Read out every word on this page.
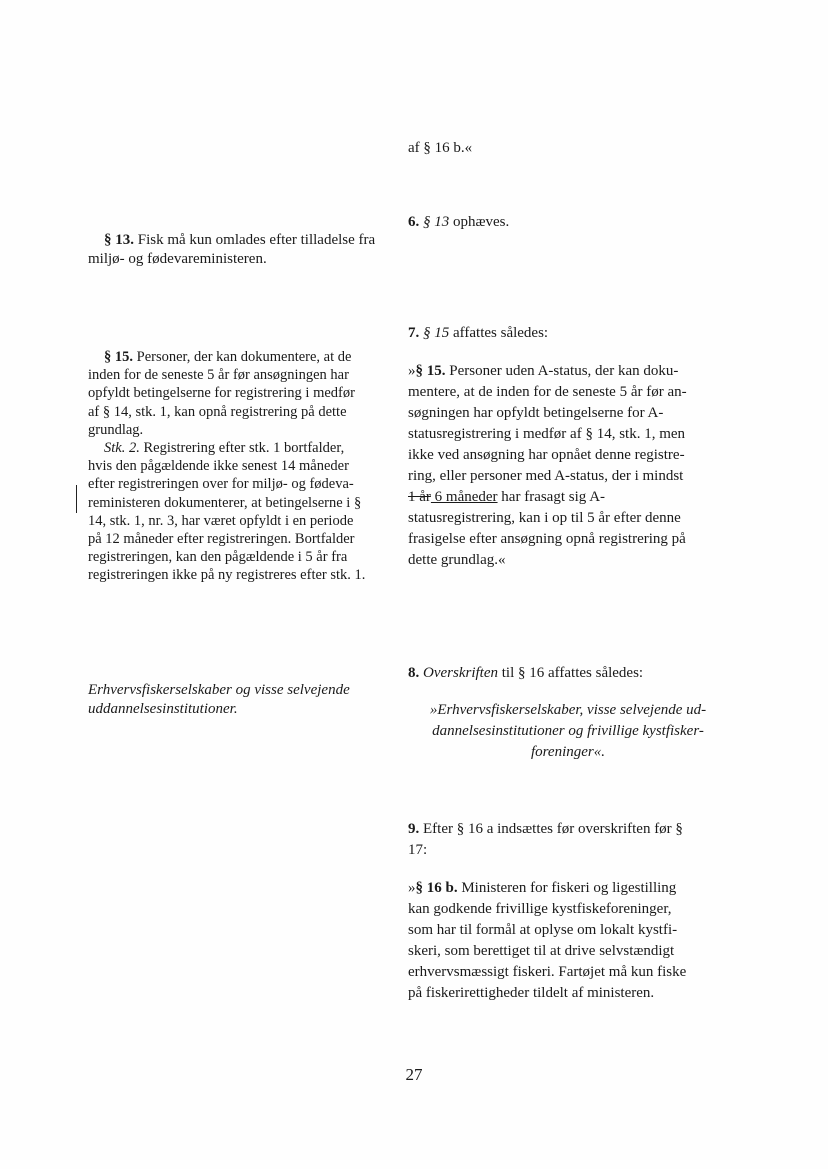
af § 16 b.«

6. § 13 ophæves.

7. § 15 affattes således:

»§ 15. Personer uden A-status, der kan doku-

mentere, at de inden for de seneste 5 år før an-

søgningen har opfyldt betingelserne for A-

statusregistrering i medfør af § 14, stk. 1, men

ikke ved ansøgning har opnået denne registre-

ring, eller personer med A-status, der i mindst

1 år 6 måneder har frasagt sig A-

statusregistrering, kan i op til 5 år efter denne

frasigelse efter ansøgning opnå registrering på

dette grundlag.«

8. Overskriften til § 16 affattes således:

»Erhvervsfiskerselskaber, visse selvejende ud-

dannelsesinstitutioner og frivillige kystfisker-

foreninger«.

9. Efter § 16 a indsættes før overskriften før §

17:

»§ 16 b. Ministeren for fiskeri og ligestilling

kan godkende frivillige kystfiskeforeninger,

som har til formål at oplyse om lokalt kystfi-

skeri, som berettiget til at drive selvstændigt

erhvervsmæssigt fiskeri. Fartøjet må kun fiske

på fiskerirettigheder tildelt af ministeren.

§ 13. Fisk må kun omlades efter tilladelse fra

miljø- og fødevareministeren.

§ 15. Personer, der kan dokumentere, at de

inden for de seneste 5 år før ansøgningen har

opfyldt betingelserne for registrering i medfør

af § 14, stk. 1, kan opnå registrering på dette

grundlag.

Stk. 2. Registrering efter stk. 1 bortfalder,

hvis den pågældende ikke senest 14 måneder

efter registreringen over for miljø- og fødeva-

reministeren dokumenterer, at betingelserne i §

14, stk. 1, nr. 3, har været opfyldt i en periode

på 12 måneder efter registreringen. Bortfalder

registreringen, kan den pågældende i 5 år fra

registreringen ikke på ny registreres efter stk. 1.

Erhvervsfiskerselskaber og visse selvejende

uddannelsesinstitutioner.

27
